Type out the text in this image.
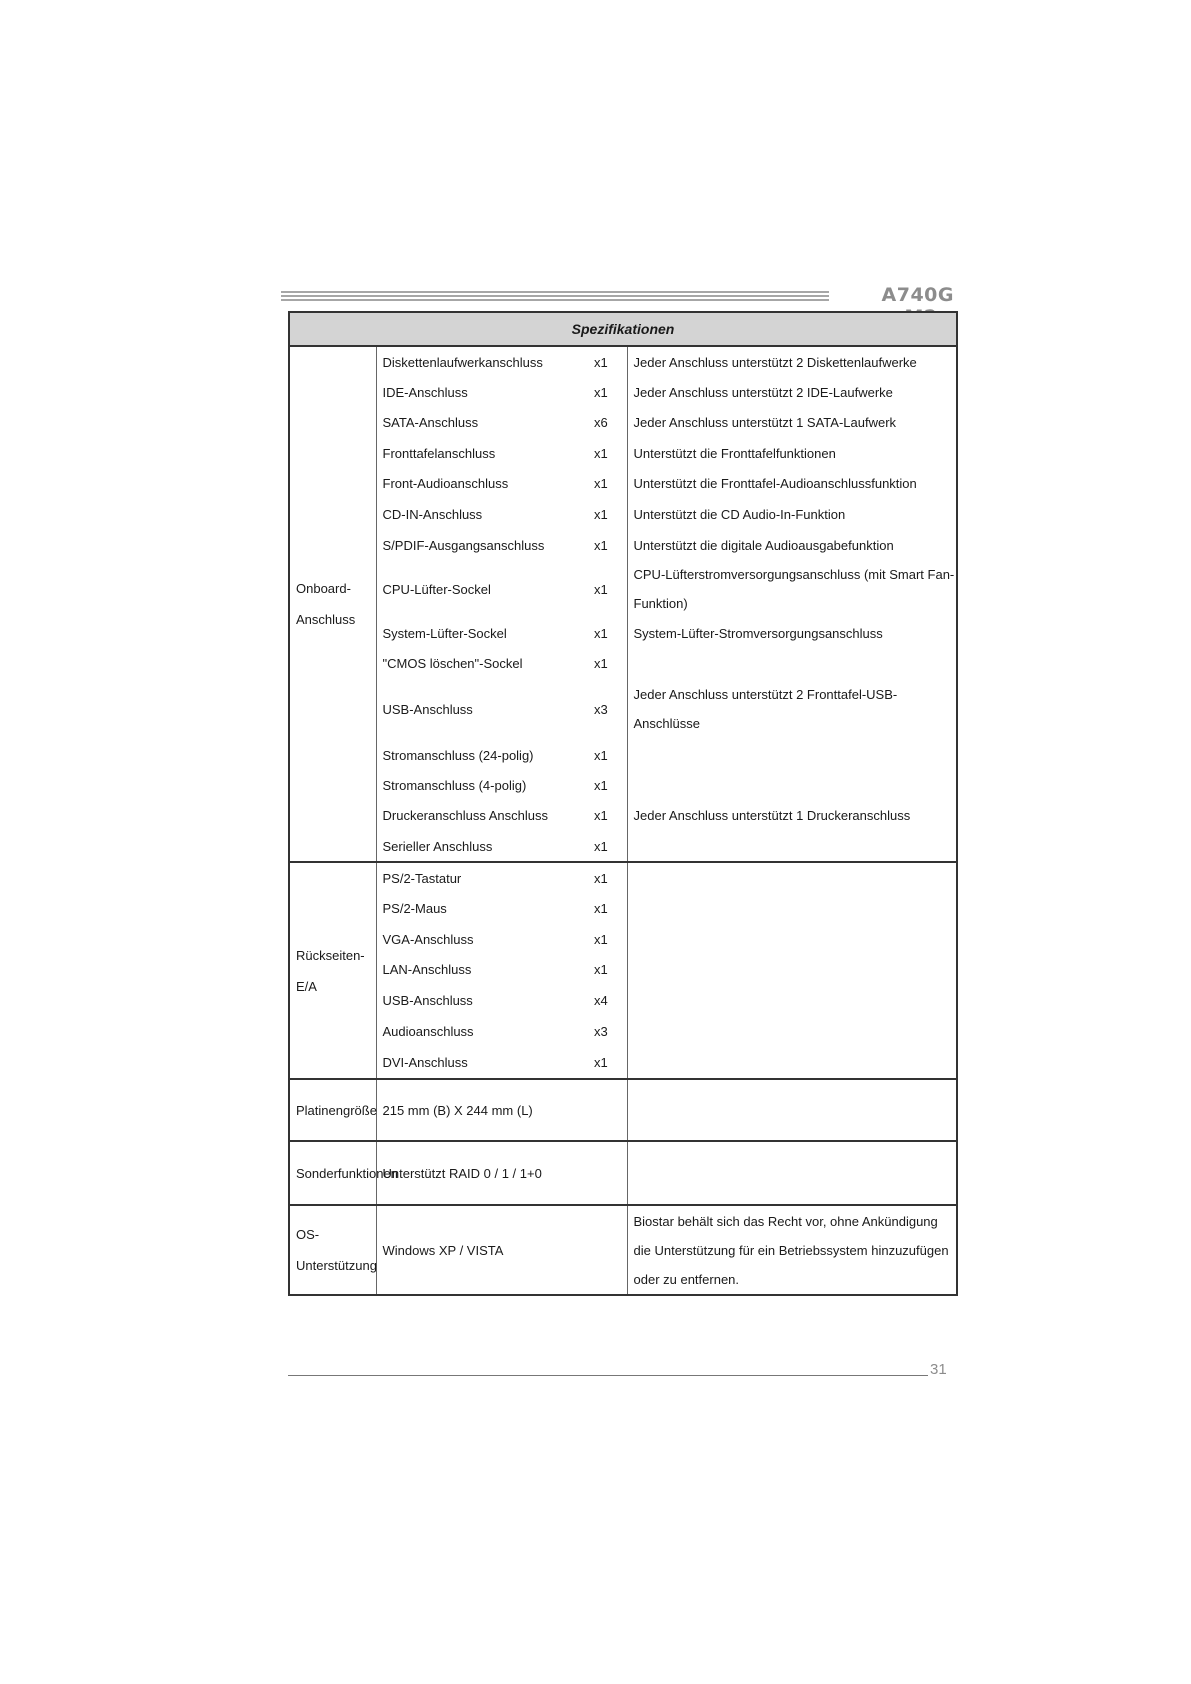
A740G
Spezifikationen			
Onboard-Anschluss	Diskettenlaufwerkanschluss	x1	Jeder Anschluss unterstützt 2 Diskettenlaufwerke
	IDE-Anschluss	x1	Jeder Anschluss unterstützt 2 IDE-Laufwerke
	SATA-Anschluss	x6	Jeder Anschluss unterstützt 1 SATA-Laufwerk
	Fronttafelanschluss	x1	Unterstützt die Fronttafelfunktionen
	Front-Audioanschluss	x1	Unterstützt die Fronttafel-Audioanschlussfunktion
	CD-IN-Anschluss	x1	Unterstützt die CD Audio-In-Funktion
	S/PDIF-Ausgangsanschluss	x1	Unterstützt die digitale Audioausgabefunktion
	CPU-Lüfter-Sockel	x1	CPU-Lüfterstromversorgungsanschluss (mit Smart Fan-Funktion)
	System-Lüfter-Sockel	x1	System-Lüfter-Stromversorgungsanschluss
	"CMOS löschen"-Sockel	x1	
	USB-Anschluss	x3	Jeder Anschluss unterstützt 2 Fronttafel-USB-Anschlüsse
	Stromanschluss (24-polig)	x1	
	Stromanschluss (4-polig)	x1	
	Druckeranschluss Anschluss	x1	Jeder Anschluss unterstützt 1 Druckeranschluss
	Serieller Anschluss	x1	
Rückseiten-E/A	PS/2-Tastatur	x1	
	PS/2-Maus	x1	
	VGA-Anschluss	x1	
	LAN-Anschluss	x1	
	USB-Anschluss	x4	
	Audioanschluss	x3	
	DVI-Anschluss	x1	
Platinengröße	215 mm (B) X 244 mm (L)		
Sonderfunktionen	Unterstützt RAID 0 / 1 / 1+0		
OS-Unterstützung	Windows XP / VISTA		Biostar behält sich das Recht vor, ohne Ankündigung die Unterstützung für ein Betriebssystem hinzuzufügen oder zu entfernen.
31
